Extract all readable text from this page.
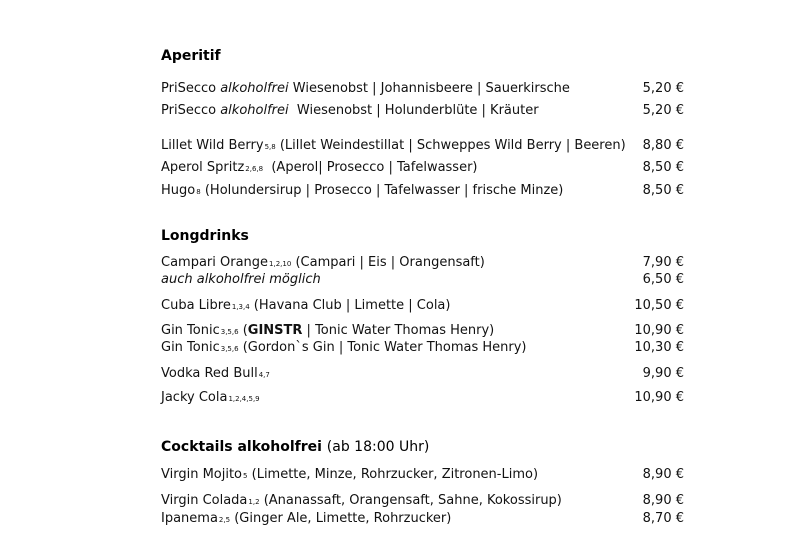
Aperitif
PriSecco alkoholfrei Wiesenobst | Johannisbeere | Sauerkirsche	5,20 €
PriSecco alkoholfrei Wiesenobst | Holunderblüte | Kräuter	5,20 €
Lillet Wild Berry$^{5,8}$ (Lillet Weindestillat | Schweppes Wild Berry | Beeren) 8,80 €
Aperol Spritz$^{2,6,8}$ (Aperol| Prosecco | Tafelwasser)	8,50 €
Hugo$^8$ (Holundersirup | Prosecco | Tafelwasser | frische Minze)	8,50 €
Longdrinks
Campari Orange$^{1,2,10}$ (Campari | Eis | Orangensaft)	7,90 €
auch alkoholfrei möglich	6,50 €
Cuba Libre$^{1,3,4}$ (Havana Club | Limette | Cola)	10,50 €
Gin Tonic$^{3,5,6}$ (GINSTR | Tonic Water Thomas Henry)	10,90 €
Gin Tonic$^{3,5,6}$ (Gordon`s Gin | Tonic Water Thomas Henry)	10,30 €
Vodka Red Bull$^{4,7}$	9,90 €
Jacky Cola$^{1,2,4,5,9}$	10,90 €
Cocktails alkoholfrei (ab 18:00 Uhr)
Virgin Mojito$^5$ (Limette, Minze, Rohrzucker, Zitronen-Limo)	8,90 €
Virgin Colada$^{1,2}$ (Ananassaft, Orangensaft, Sahne, Kokossirup)	8,90 €
Ipanema$^{2,5}$ (Ginger Ale, Limette, Rohrzucker)	8,70 €
